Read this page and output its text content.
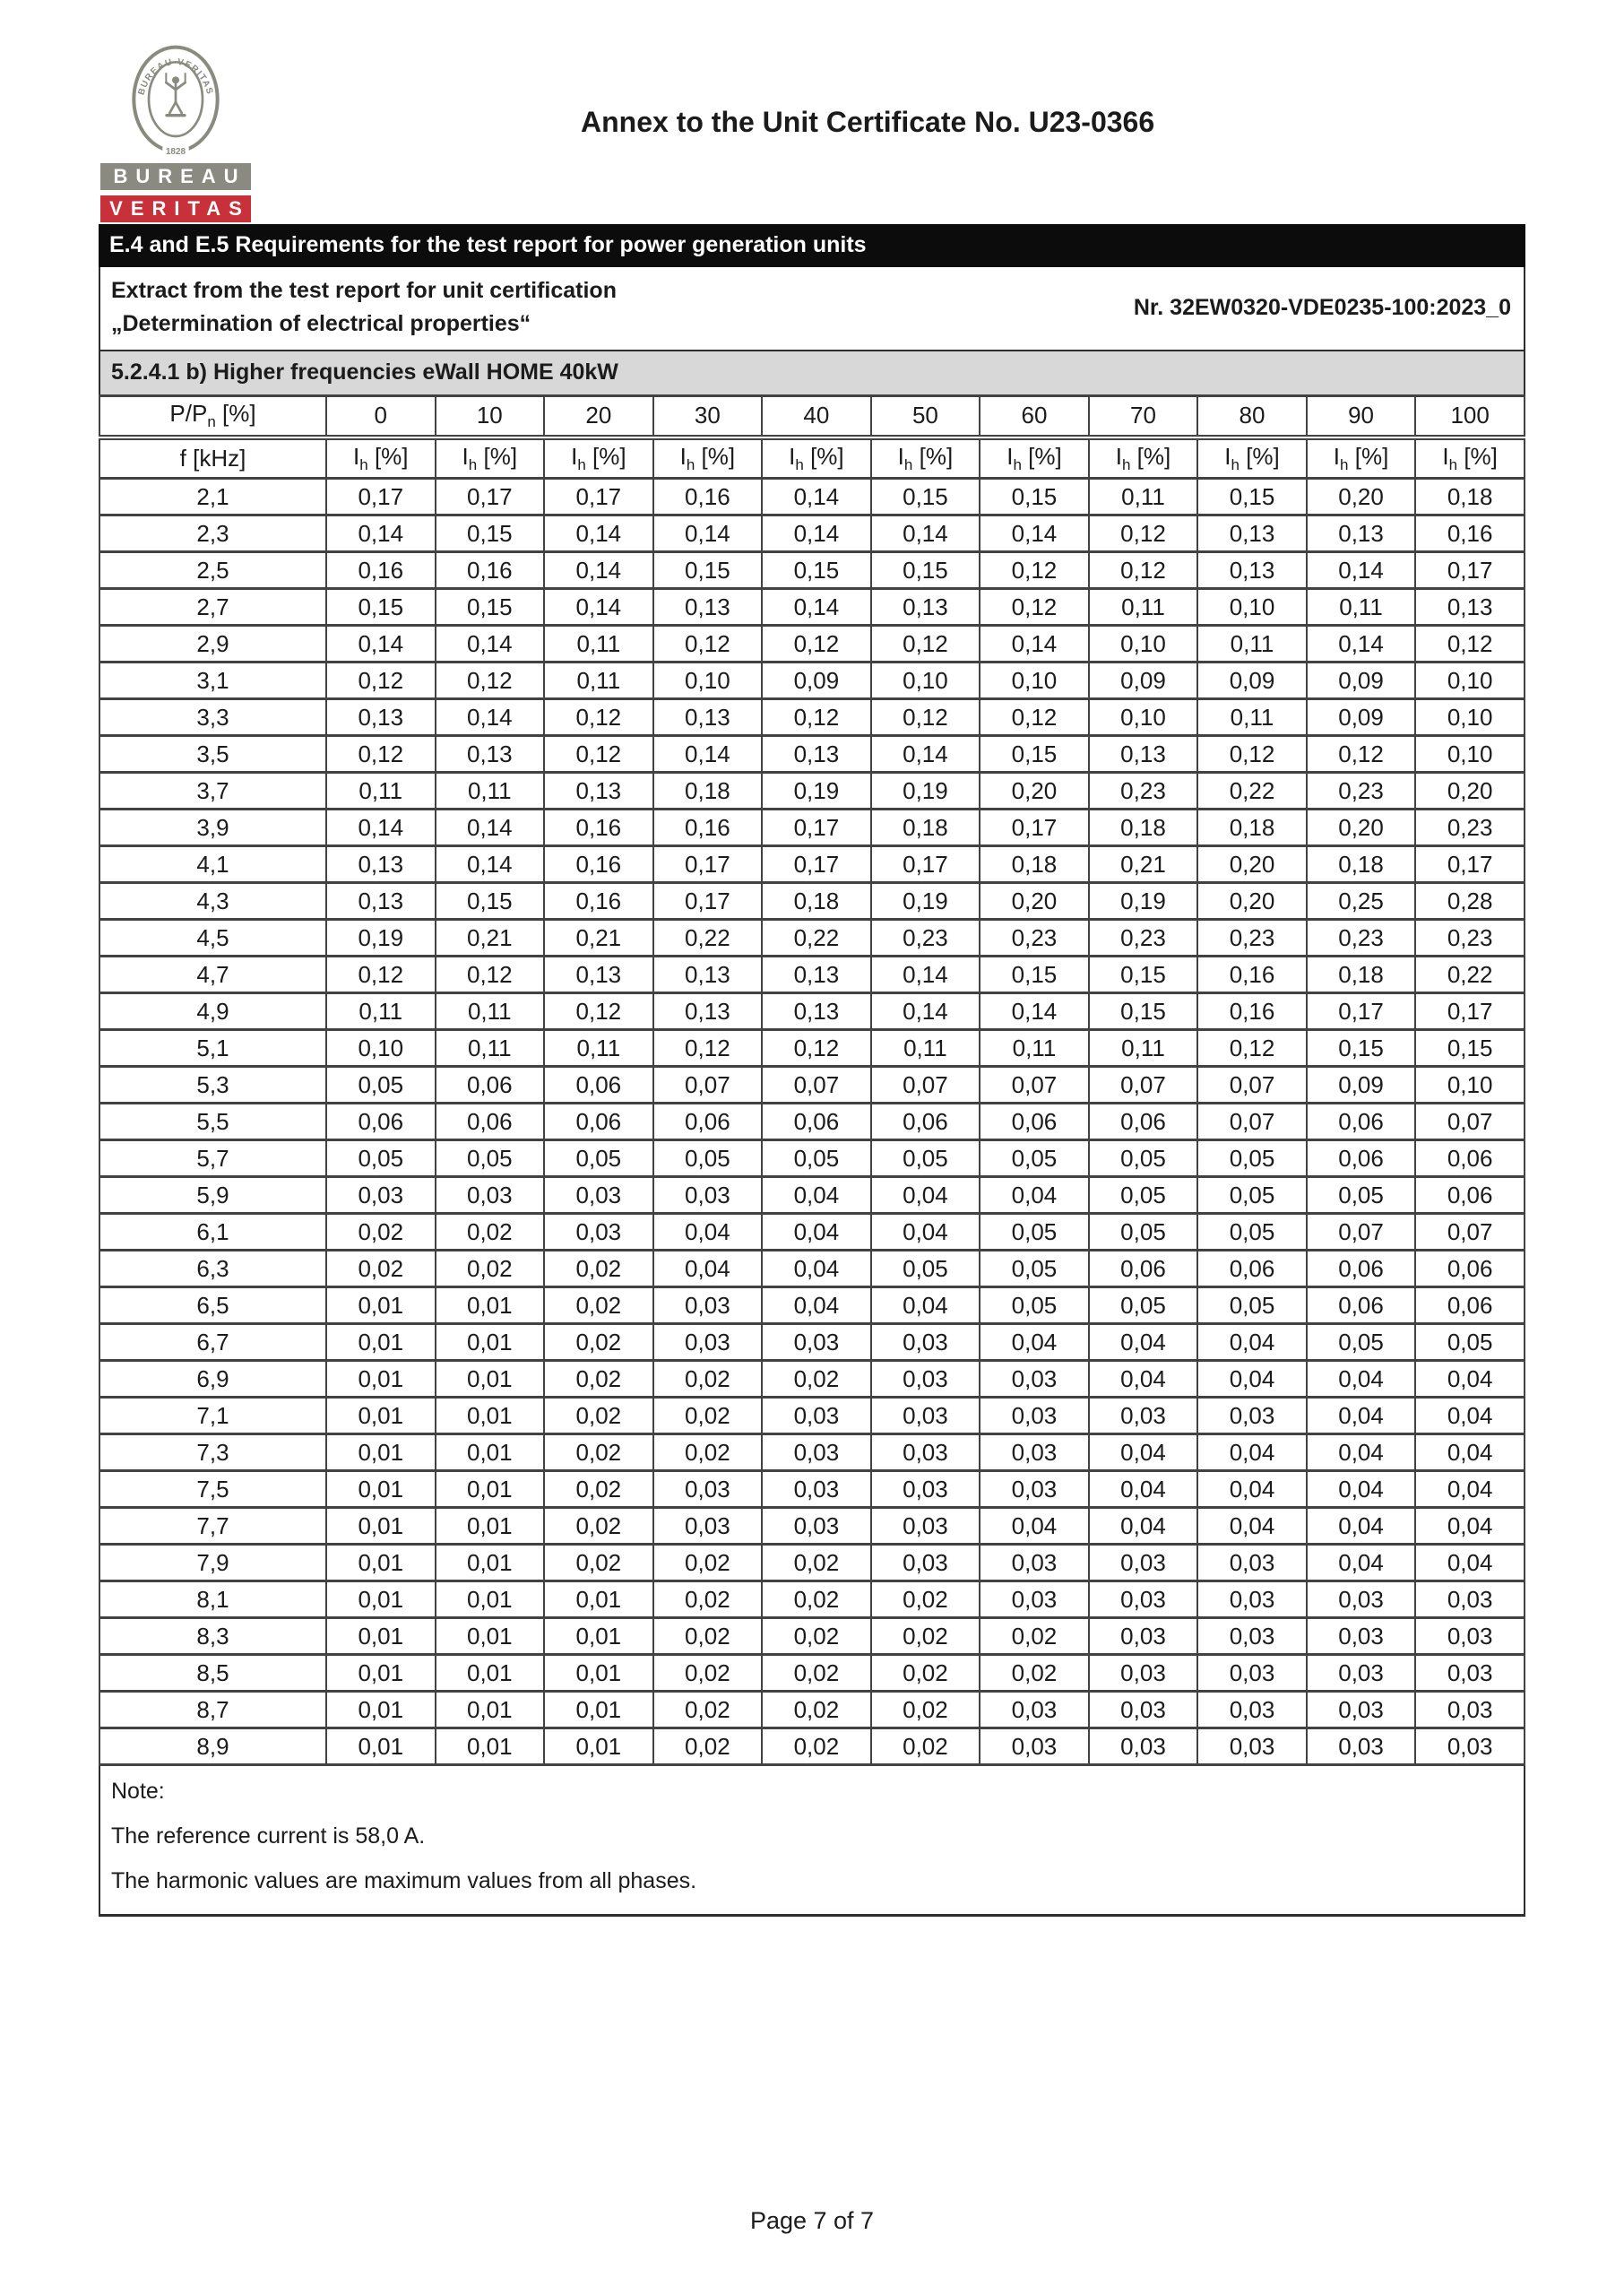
BUREAU VERITAS
1828
BUREAU
VERITAS
Annex to the Unit Certificate No. U23-0366
E.4 and E.5 Requirements for the test report for power generation units
Extract from the test report for unit certification
„Determination of electrical properties“
Nr. 32EW0320-VDE0235-100:2023_0
5.2.4.1 b) Higher frequencies eWall HOME 40kW
$P/P_n$ [%]	0	10	20	30	40	50	60	70	80	90	100
f [kHz]	$I_h$ [%]	$I_h$ [%]	$I_h$ [%]	$I_h$ [%]	$I_h$ [%]	$I_h$ [%]	$I_h$ [%]	$I_h$ [%]	$I_h$ [%]	$I_h$ [%]	$I_h$ [%]
2,1	0,17	0,17	0,17	0,16	0,14	0,15	0,15	0,11	0,15	0,20	0,18
2,3	0,14	0,15	0,14	0,14	0,14	0,14	0,14	0,12	0,13	0,13	0,16
2,5	0,16	0,16	0,14	0,15	0,15	0,15	0,12	0,12	0,13	0,14	0,17
2,7	0,15	0,15	0,14	0,13	0,14	0,13	0,12	0,11	0,10	0,11	0,13
2,9	0,14	0,14	0,11	0,12	0,12	0,12	0,14	0,10	0,11	0,14	0,12
3,1	0,12	0,12	0,11	0,10	0,09	0,10	0,10	0,09	0,09	0,09	0,10
3,3	0,13	0,14	0,12	0,13	0,12	0,12	0,12	0,10	0,11	0,09	0,10
3,5	0,12	0,13	0,12	0,14	0,13	0,14	0,15	0,13	0,12	0,12	0,10
3,7	0,11	0,11	0,13	0,18	0,19	0,19	0,20	0,23	0,22	0,23	0,20
3,9	0,14	0,14	0,16	0,16	0,17	0,18	0,17	0,18	0,18	0,20	0,23
4,1	0,13	0,14	0,16	0,17	0,17	0,17	0,18	0,21	0,20	0,18	0,17
4,3	0,13	0,15	0,16	0,17	0,18	0,19	0,20	0,19	0,20	0,25	0,28
4,5	0,19	0,21	0,21	0,22	0,22	0,23	0,23	0,23	0,23	0,23	0,23
4,7	0,12	0,12	0,13	0,13	0,13	0,14	0,15	0,15	0,16	0,18	0,22
4,9	0,11	0,11	0,12	0,13	0,13	0,14	0,14	0,15	0,16	0,17	0,17
5,1	0,10	0,11	0,11	0,12	0,12	0,11	0,11	0,11	0,12	0,15	0,15
5,3	0,05	0,06	0,06	0,07	0,07	0,07	0,07	0,07	0,07	0,09	0,10
5,5	0,06	0,06	0,06	0,06	0,06	0,06	0,06	0,06	0,07	0,06	0,07
5,7	0,05	0,05	0,05	0,05	0,05	0,05	0,05	0,05	0,05	0,06	0,06
5,9	0,03	0,03	0,03	0,03	0,04	0,04	0,04	0,05	0,05	0,05	0,06
6,1	0,02	0,02	0,03	0,04	0,04	0,04	0,05	0,05	0,05	0,07	0,07
6,3	0,02	0,02	0,02	0,04	0,04	0,05	0,05	0,06	0,06	0,06	0,06
6,5	0,01	0,01	0,02	0,03	0,04	0,04	0,05	0,05	0,05	0,06	0,06
6,7	0,01	0,01	0,02	0,03	0,03	0,03	0,04	0,04	0,04	0,05	0,05
6,9	0,01	0,01	0,02	0,02	0,02	0,03	0,03	0,04	0,04	0,04	0,04
7,1	0,01	0,01	0,02	0,02	0,03	0,03	0,03	0,03	0,03	0,04	0,04
7,3	0,01	0,01	0,02	0,02	0,03	0,03	0,03	0,04	0,04	0,04	0,04
7,5	0,01	0,01	0,02	0,03	0,03	0,03	0,03	0,04	0,04	0,04	0,04
7,7	0,01	0,01	0,02	0,03	0,03	0,03	0,04	0,04	0,04	0,04	0,04
7,9	0,01	0,01	0,02	0,02	0,02	0,03	0,03	0,03	0,03	0,04	0,04
8,1	0,01	0,01	0,01	0,02	0,02	0,02	0,03	0,03	0,03	0,03	0,03
8,3	0,01	0,01	0,01	0,02	0,02	0,02	0,02	0,03	0,03	0,03	0,03
8,5	0,01	0,01	0,01	0,02	0,02	0,02	0,02	0,03	0,03	0,03	0,03
8,7	0,01	0,01	0,01	0,02	0,02	0,02	0,03	0,03	0,03	0,03	0,03
8,9	0,01	0,01	0,01	0,02	0,02	0,02	0,03	0,03	0,03	0,03	0,03
Note:
The reference current is 58,0 A.
The harmonic values are maximum values from all phases.
Page 7 of 7
